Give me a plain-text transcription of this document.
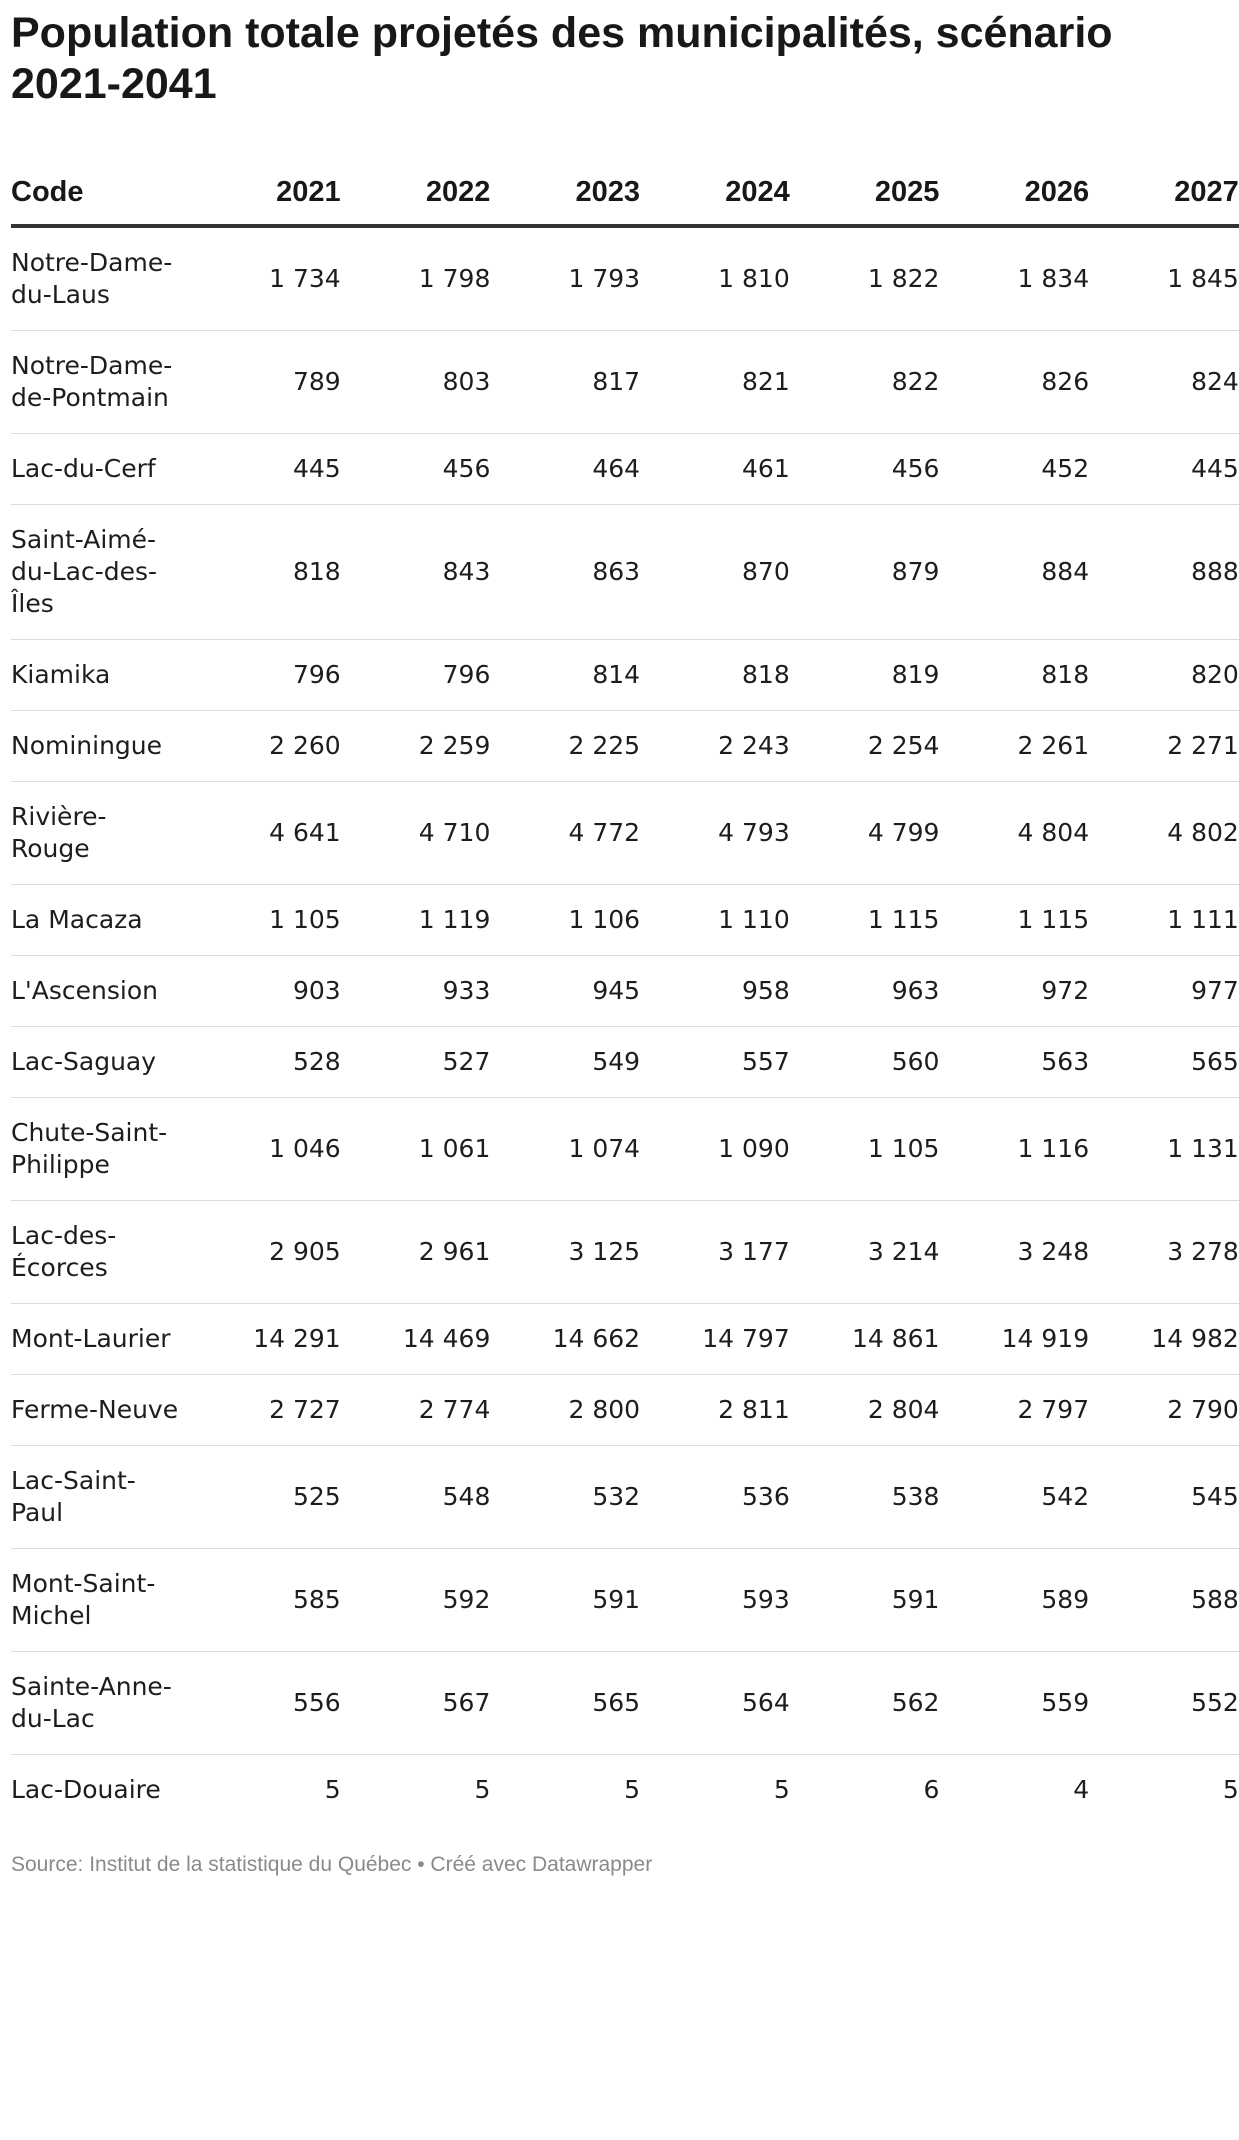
Population totale projetés des municipalités, scénario 2021-2041
Code	2021	2022	2023	2024	2025	2026	2027
Notre-Dame-du-Laus	1 734	1 798	1 793	1 810	1 822	1 834	1 845
Notre-Dame-de-Pontmain	789	803	817	821	822	826	824
Lac-du-Cerf	445	456	464	461	456	452	445
Saint-Aimé-du-Lac-des-Îles	818	843	863	870	879	884	888
Kiamika	796	796	814	818	819	818	820
Nominingue	2 260	2 259	2 225	2 243	2 254	2 261	2 271
Rivière-Rouge	4 641	4 710	4 772	4 793	4 799	4 804	4 802
La Macaza	1 105	1 119	1 106	1 110	1 115	1 115	1 111
L'Ascension	903	933	945	958	963	972	977
Lac-Saguay	528	527	549	557	560	563	565
Chute-Saint-Philippe	1 046	1 061	1 074	1 090	1 105	1 116	1 131
Lac-des-Écorces	2 905	2 961	3 125	3 177	3 214	3 248	3 278
Mont-Laurier	14 291	14 469	14 662	14 797	14 861	14 919	14 982
Ferme-Neuve	2 727	2 774	2 800	2 811	2 804	2 797	2 790
Lac-Saint-Paul	525	548	532	536	538	542	545
Mont-Saint-Michel	585	592	591	593	591	589	588
Sainte-Anne-du-Lac	556	567	565	564	562	559	552
Lac-Douaire	5	5	5	5	6	4	5
Source: Institut de la statistique du Québec • Créé avec Datawrapper
